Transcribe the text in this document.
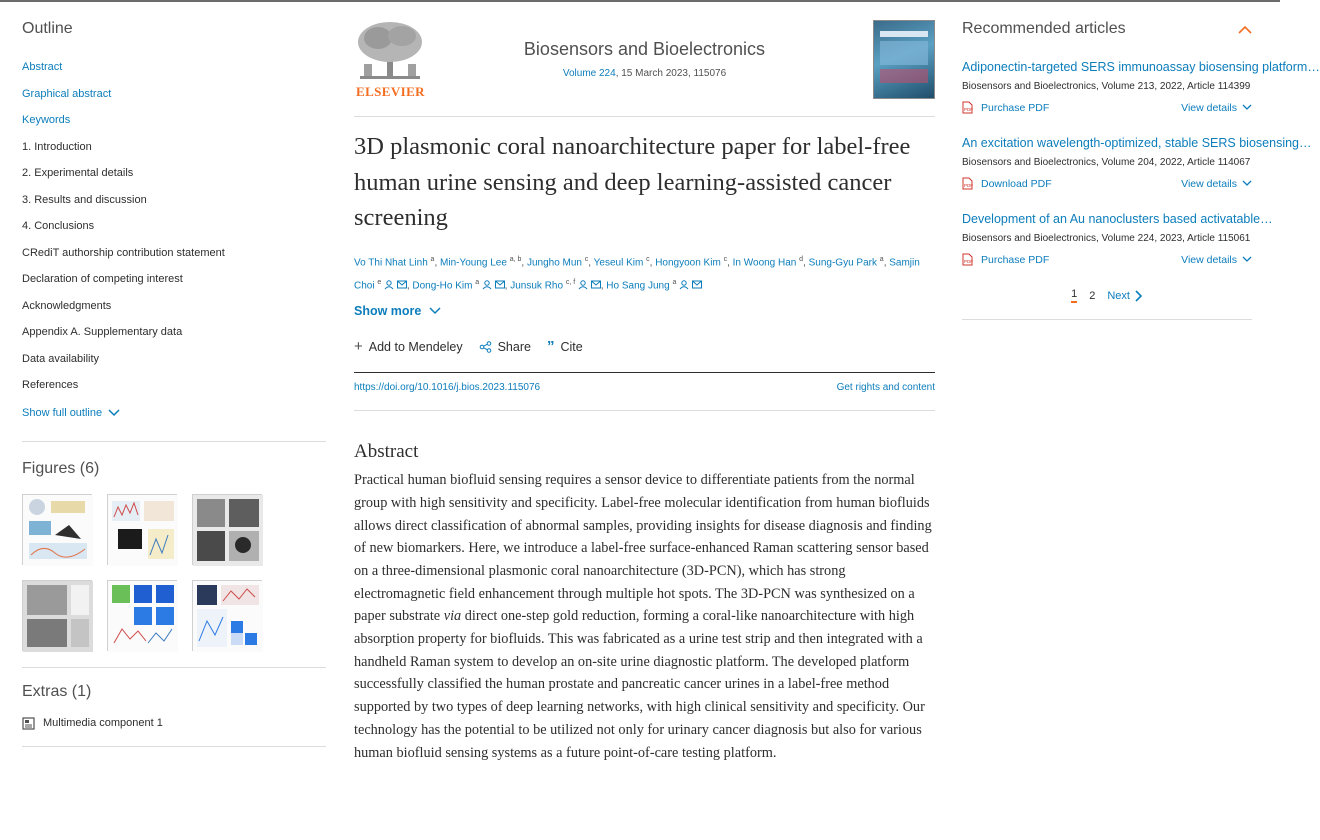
Outline
Abstract
Graphical abstract
Keywords
1. Introduction
2. Experimental details
3. Results and discussion
4. Conclusions
CRediT authorship contribution statement
Declaration of competing interest
Acknowledgments
Appendix A. Supplementary data
Data availability
References
Show full outline
Figures (6)
Extras (1)
Multimedia component 1
ELSEVIER
Biosensors and Bioelectronics
Volume 224, 15 March 2023, 115076
3D plasmonic coral nanoarchitecture paper for label-free human urine sensing and deep learning-assisted cancer screening
Vo Thi Nhat Linh $^a$, Min-Young Lee $^{a, b}$, Jungho Mun $^c$, Yeseul Kim $^c$, Hongyoon Kim $^c$, In Woong Han $^d$, Sung-Gyu Park $^a$, Samjin Choi $^e$	, Dong-Ho Kim $^a$	, Junsuk Rho $^{c, f}$	, Ho Sang Jung $^a$
Show more
+ Add to Mendeley	Share ” Cite
https://doi.org/10.1016/j.bios.2023.115076	Get rights and content
Abstract

Practical human biofluid sensing requires a sensor device to differentiate patients from the normal group with high sensitivity and specificity. Label-free molecular identification from human biofluids allows direct classification of abnormal samples, providing insights for disease diagnosis and finding of new biomarkers. Here, we introduce a label-free surface-enhanced Raman scattering sensor based on a three-dimensional plasmonic coral nanoarchitecture (3D-PCN), which has strong electromagnetic field enhancement through multiple hot spots. The 3D-PCN was synthesized on a paper substrate via direct one-step gold reduction, forming a coral-like nanoarchitecture with high absorption property for biofluids. This was fabricated as a urine test strip and then integrated with a handheld Raman system to develop an on-site urine diagnostic platform. The developed platform successfully classified the human prostate and pancreatic cancer urines in a label-free method supported by two types of deep learning networks, with high clinical sensitivity and specificity. Our technology has the potential to be utilized not only for urinary cancer diagnosis but also for various human biofluid sensing systems as a future point-of-care testing platform.

Recommended articles
Adiponectin-targeted SERS immunoassay biosensing platform…
Biosensors and Bioelectronics, Volume 213, 2022, Article 114399
PDF Purchase PDF	View details
An excitation wavelength-optimized, stable SERS biosensing…
Biosensors and Bioelectronics, Volume 204, 2022, Article 114067
PDF Download PDF	View details
Development of an Au nanoclusters based activatable…
Biosensors and Bioelectronics, Volume 224, 2023, Article 115061
PDF Purchase PDF	View details
1 2 Next
